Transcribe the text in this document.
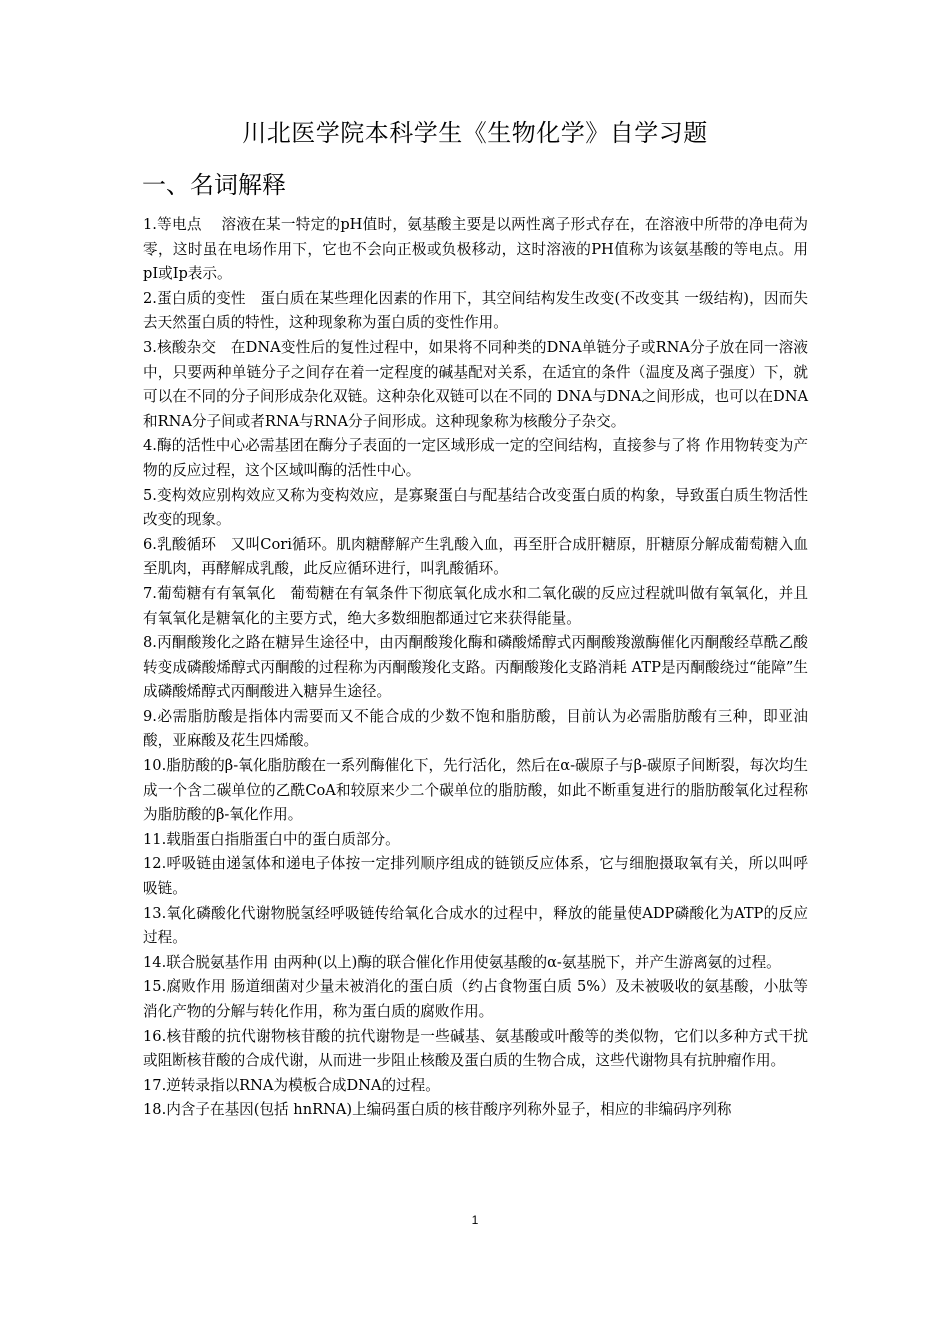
川北医学院本科学生《生物化学》自学习题
一、名词解释

1.等电点　 溶液在某一特定的pH值时，氨基酸主要是以两性离子形式存在，在溶液中所带的净电荷为零，这时虽在电场作用下，它也不会向正极或负极移动，这时溶液的PH值称为该氨基酸的等电点。用pI或Ip表示。

2.蛋白质的变性　蛋白质在某些理化因素的作用下，其空间结构发生改变(不改变其 一级结构)，因而失去天然蛋白质的特性，这种现象称为蛋白质的变性作用。

3.核酸杂交　在DNA变性后的复性过程中，如果将不同种类的DNA单链分子或RNA分子放在同一溶液中，只要两种单链分子之间存在着一定程度的碱基配对关系，在适宜的条件（温度及离子强度）下，就可以在不同的分子间形成杂化双链。这种杂化双链可以在不同的 DNA与DNA之间形成，也可以在DNA和RNA分子间或者RNA与RNA分子间形成。这种现象称为核酸分子杂交。

4.酶的活性中心必需基团在酶分子表面的一定区域形成一定的空间结构，直接参与了将 作用物转变为产物的反应过程，这个区域叫酶的活性中心。

5.变构效应别构效应又称为变构效应，是寡聚蛋白与配基结合改变蛋白质的构象，导致蛋白质生物活性改变的现象。

6.乳酸循环　又叫Cori循环。肌肉糖酵解产生乳酸入血，再至肝合成肝糖原，肝糖原分解成葡萄糖入血至肌肉，再酵解成乳酸，此反应循环进行，叫乳酸循环。

7.葡萄糖有有氧氧化　葡萄糖在有氧条件下彻底氧化成水和二氧化碳的反应过程就叫做有氧氧化，并且有氧氧化是糖氧化的主要方式，绝大多数细胞都通过它来获得能量。

8.丙酮酸羧化之路在糖异生途径中，由丙酮酸羧化酶和磷酸烯醇式丙酮酸羧激酶催化丙酮酸经草酰乙酸转变成磷酸烯醇式丙酮酸的过程称为丙酮酸羧化支路。丙酮酸羧化支路消耗 ATP是丙酮酸绕过“能障”生成磷酸烯醇式丙酮酸进入糖异生途径。

9.必需脂肪酸是指体内需要而又不能合成的少数不饱和脂肪酸，目前认为必需脂肪酸有三种，即亚油酸，亚麻酸及花生四烯酸。

10.脂肪酸的β-氧化脂肪酸在一系列酶催化下，先行活化，然后在α-碳原子与β-碳原子间断裂，每次均生成一个含二碳单位的乙酰CoA和较原来少二个碳单位的脂肪酸，如此不断重复进行的脂肪酸氧化过程称为脂肪酸的β-氧化作用。

11.载脂蛋白指脂蛋白中的蛋白质部分。

12.呼吸链由递氢体和递电子体按一定排列顺序组成的链锁反应体系，它与细胞摄取氧有关，所以叫呼吸链。

13.氧化磷酸化代谢物脱氢经呼吸链传给氧化合成水的过程中，释放的能量使ADP磷酸化为ATP的反应过程。

14.联合脱氨基作用 由两种(以上)酶的联合催化作用使氨基酸的α-氨基脱下，并产生游离氨的过程。

15.腐败作用 肠道细菌对少量未被消化的蛋白质（约占食物蛋白质 5%）及未被吸收的氨基酸，小肽等消化产物的分解与转化作用，称为蛋白质的腐败作用。

16.核苷酸的抗代谢物核苷酸的抗代谢物是一些碱基、氨基酸或叶酸等的类似物，它们以多种方式干扰或阻断核苷酸的合成代谢，从而进一步阻止核酸及蛋白质的生物合成，这些代谢物具有抗肿瘤作用。

17.逆转录指以RNA为模板合成DNA的过程。

18.内含子在基因(包括 hnRNA)上编码蛋白质的核苷酸序列称外显子，相应的非编码序列称

1
